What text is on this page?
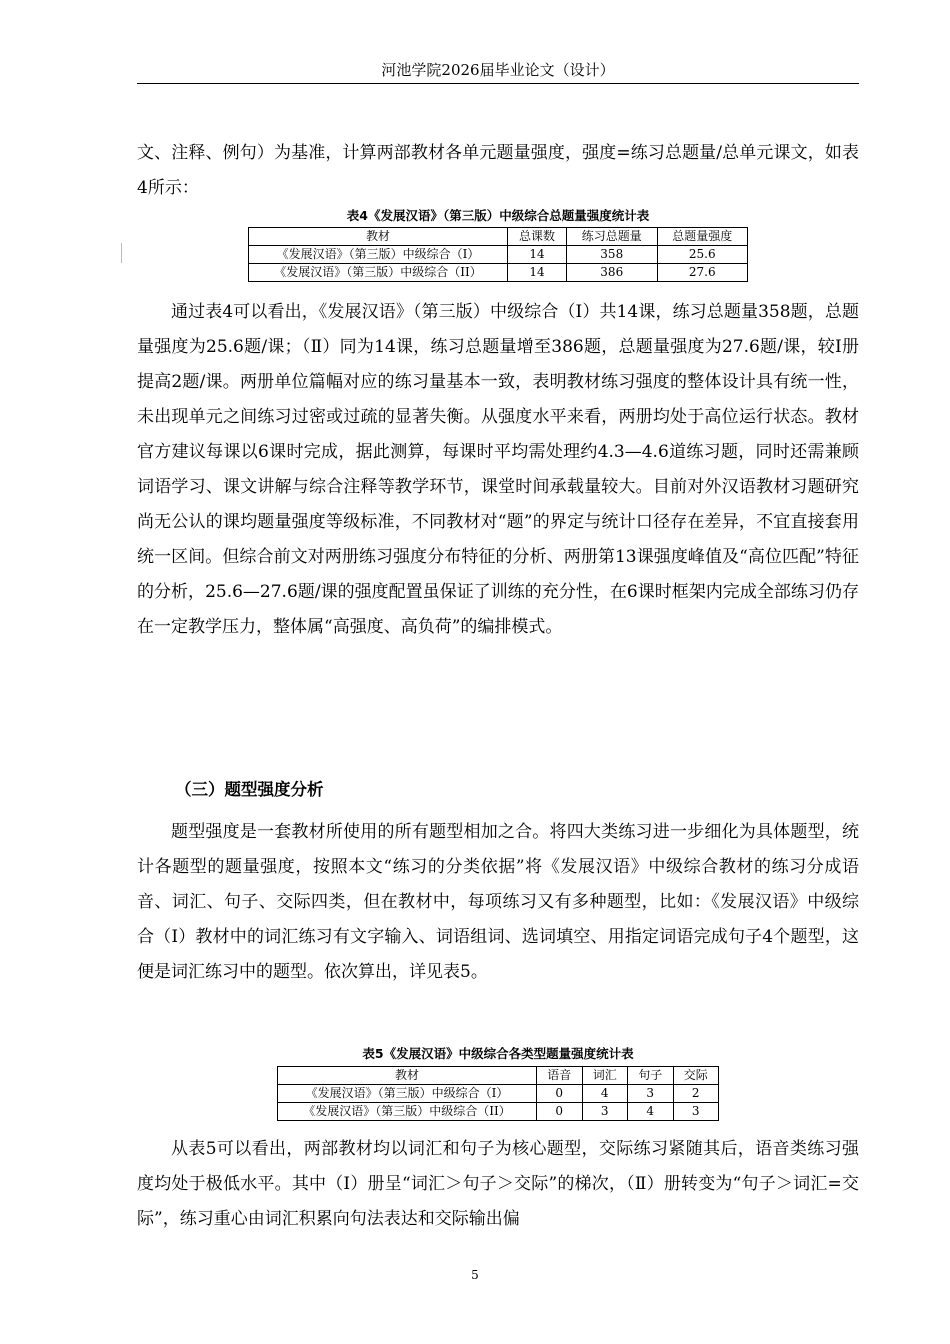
河池学院2026届毕业论文（设计）

文、注释、例句）为基准，计算两部教材各单元题量强度，强度=练习总题量/总单元课文，如表4所示：

表4《发展汉语》（第三版）中级综合总题量强度统计表
教材	总课数	练习总题量	总题量强度
《发展汉语》（第三版）中级综合（I）	14	358	25.6
《发展汉语》（第三版）中级综合（II）	14	386	27.6

通过表4可以看出，《发展汉语》（第三版）中级综合（Ⅰ）共14课，练习总题量358题，总题量强度为25.6题/课；（Ⅱ）同为14课，练习总题量增至386题，总题量强度为27.6题/课，较Ⅰ册提高2题/课。两册单位篇幅对应的练习量基本一致，表明教材练习强度的整体设计具有统一性，未出现单元之间练习过密或过疏的显著失衡。从强度水平来看，两册均处于高位运行状态。教材官方建议每课以6课时完成，据此测算，每课时平均需处理约4.3—4.6道练习题，同时还需兼顾词语学习、课文讲解与综合注释等教学环节，课堂时间承载量较大。目前对外汉语教材习题研究尚无公认的课均题量强度等级标准，不同教材对“题”的界定与统计口径存在差异，不宜直接套用统一区间。但综合前文对两册练习强度分布特征的分析、两册第13课强度峰值及“高位匹配”特征的分析，25.6—27.6题/课的强度配置虽保证了训练的充分性，在6课时框架内完成全部练习仍存在一定教学压力，整体属“高强度、高负荷”的编排模式。

（三）题型强度分析

题型强度是一套教材所使用的所有题型相加之合。将四大类练习进一步细化为具体题型，统计各题型的题量强度，按照本文“练习的分类依据”将《发展汉语》中级综合教材的练习分成语音、词汇、句子、交际四类，但在教材中，每项练习又有多种题型，比如：《发展汉语》中级综合（Ⅰ）教材中的词汇练习有文字输入、词语组词、选词填空、用指定词语完成句子4个题型，这便是词汇练习中的题型。依次算出，详见表5。

表5《发展汉语》中级综合各类型题量强度统计表
教材	语音	词汇	句子	交际
《发展汉语》（第三版）中级综合（I）	0	4	3	2
《发展汉语》（第三版）中级综合（II）	0	3	4	3

从表5可以看出，两部教材均以词汇和句子为核心题型，交际练习紧随其后，语音类练习强度均处于极低水平。其中（Ⅰ）册呈“词汇＞句子＞交际”的梯次，（Ⅱ）册转变为“句子＞词汇=交际”，练习重心由词汇积累向句法表达和交际输出偏

5
